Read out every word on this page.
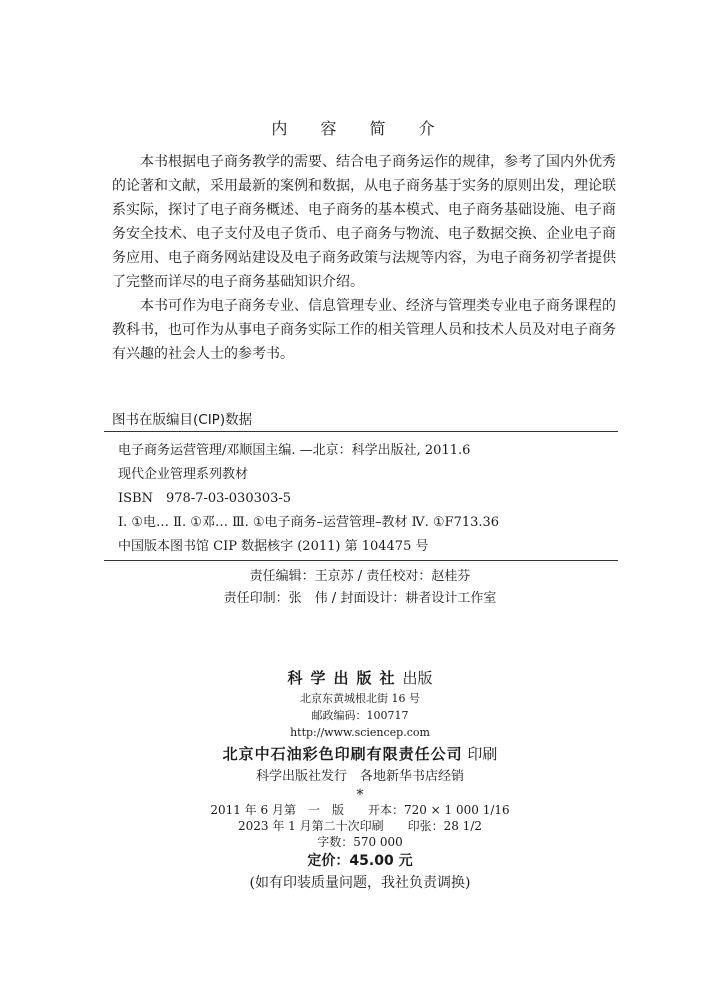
内 容 简 介

本书根据电子商务教学的需要、结合电子商务运作的规律，参考了国内外优秀的论著和文献，采用最新的案例和数据，从电子商务基于实务的原则出发，理论联系实际，探讨了电子商务概述、电子商务的基本模式、电子商务基础设施、电子商务安全技术、电子支付及电子货币、电子商务与物流、电子数据交换、企业电子商务应用、电子商务网站建设及电子商务政策与法规等内容，为电子商务初学者提供了完整而详尽的电子商务基础知识介绍。

本书可作为电子商务专业、信息管理专业、经济与管理类专业电子商务课程的教科书，也可作为从事电子商务实际工作的相关管理人员和技术人员及对电子商务有兴趣的社会人士的参考书。

图书在版编目(CIP)数据
电子商务运营管理/邓顺国主编. —北京：科学出版社, 2011.6
现代企业管理系列教材
ISBN　978-7-03-030303-5
Ⅰ. ①电… Ⅱ. ①邓… Ⅲ. ①电子商务–运营管理–教材 Ⅳ. ①F713.36
中国版本图书馆 CIP 数据核字 (2011) 第 104475 号
责任编辑：王京苏 / 责任校对：赵桂芬
责任印制：张　伟 / 封面设计：耕者设计工作室
科学出版社出版
北京东黄城根北街 16 号
邮政编码：100717
http://www.sciencep.com
北京中石油彩色印刷有限责任公司 印刷
科学出版社发行　各地新华书店经销
*
2011 年 6 月第　一　版　　开本：720 × 1 000 1/16
2023 年 1 月第二十次印刷　　印张：28 1/2
字数：570 000
定价：45.00 元
(如有印装质量问题，我社负责调换)
